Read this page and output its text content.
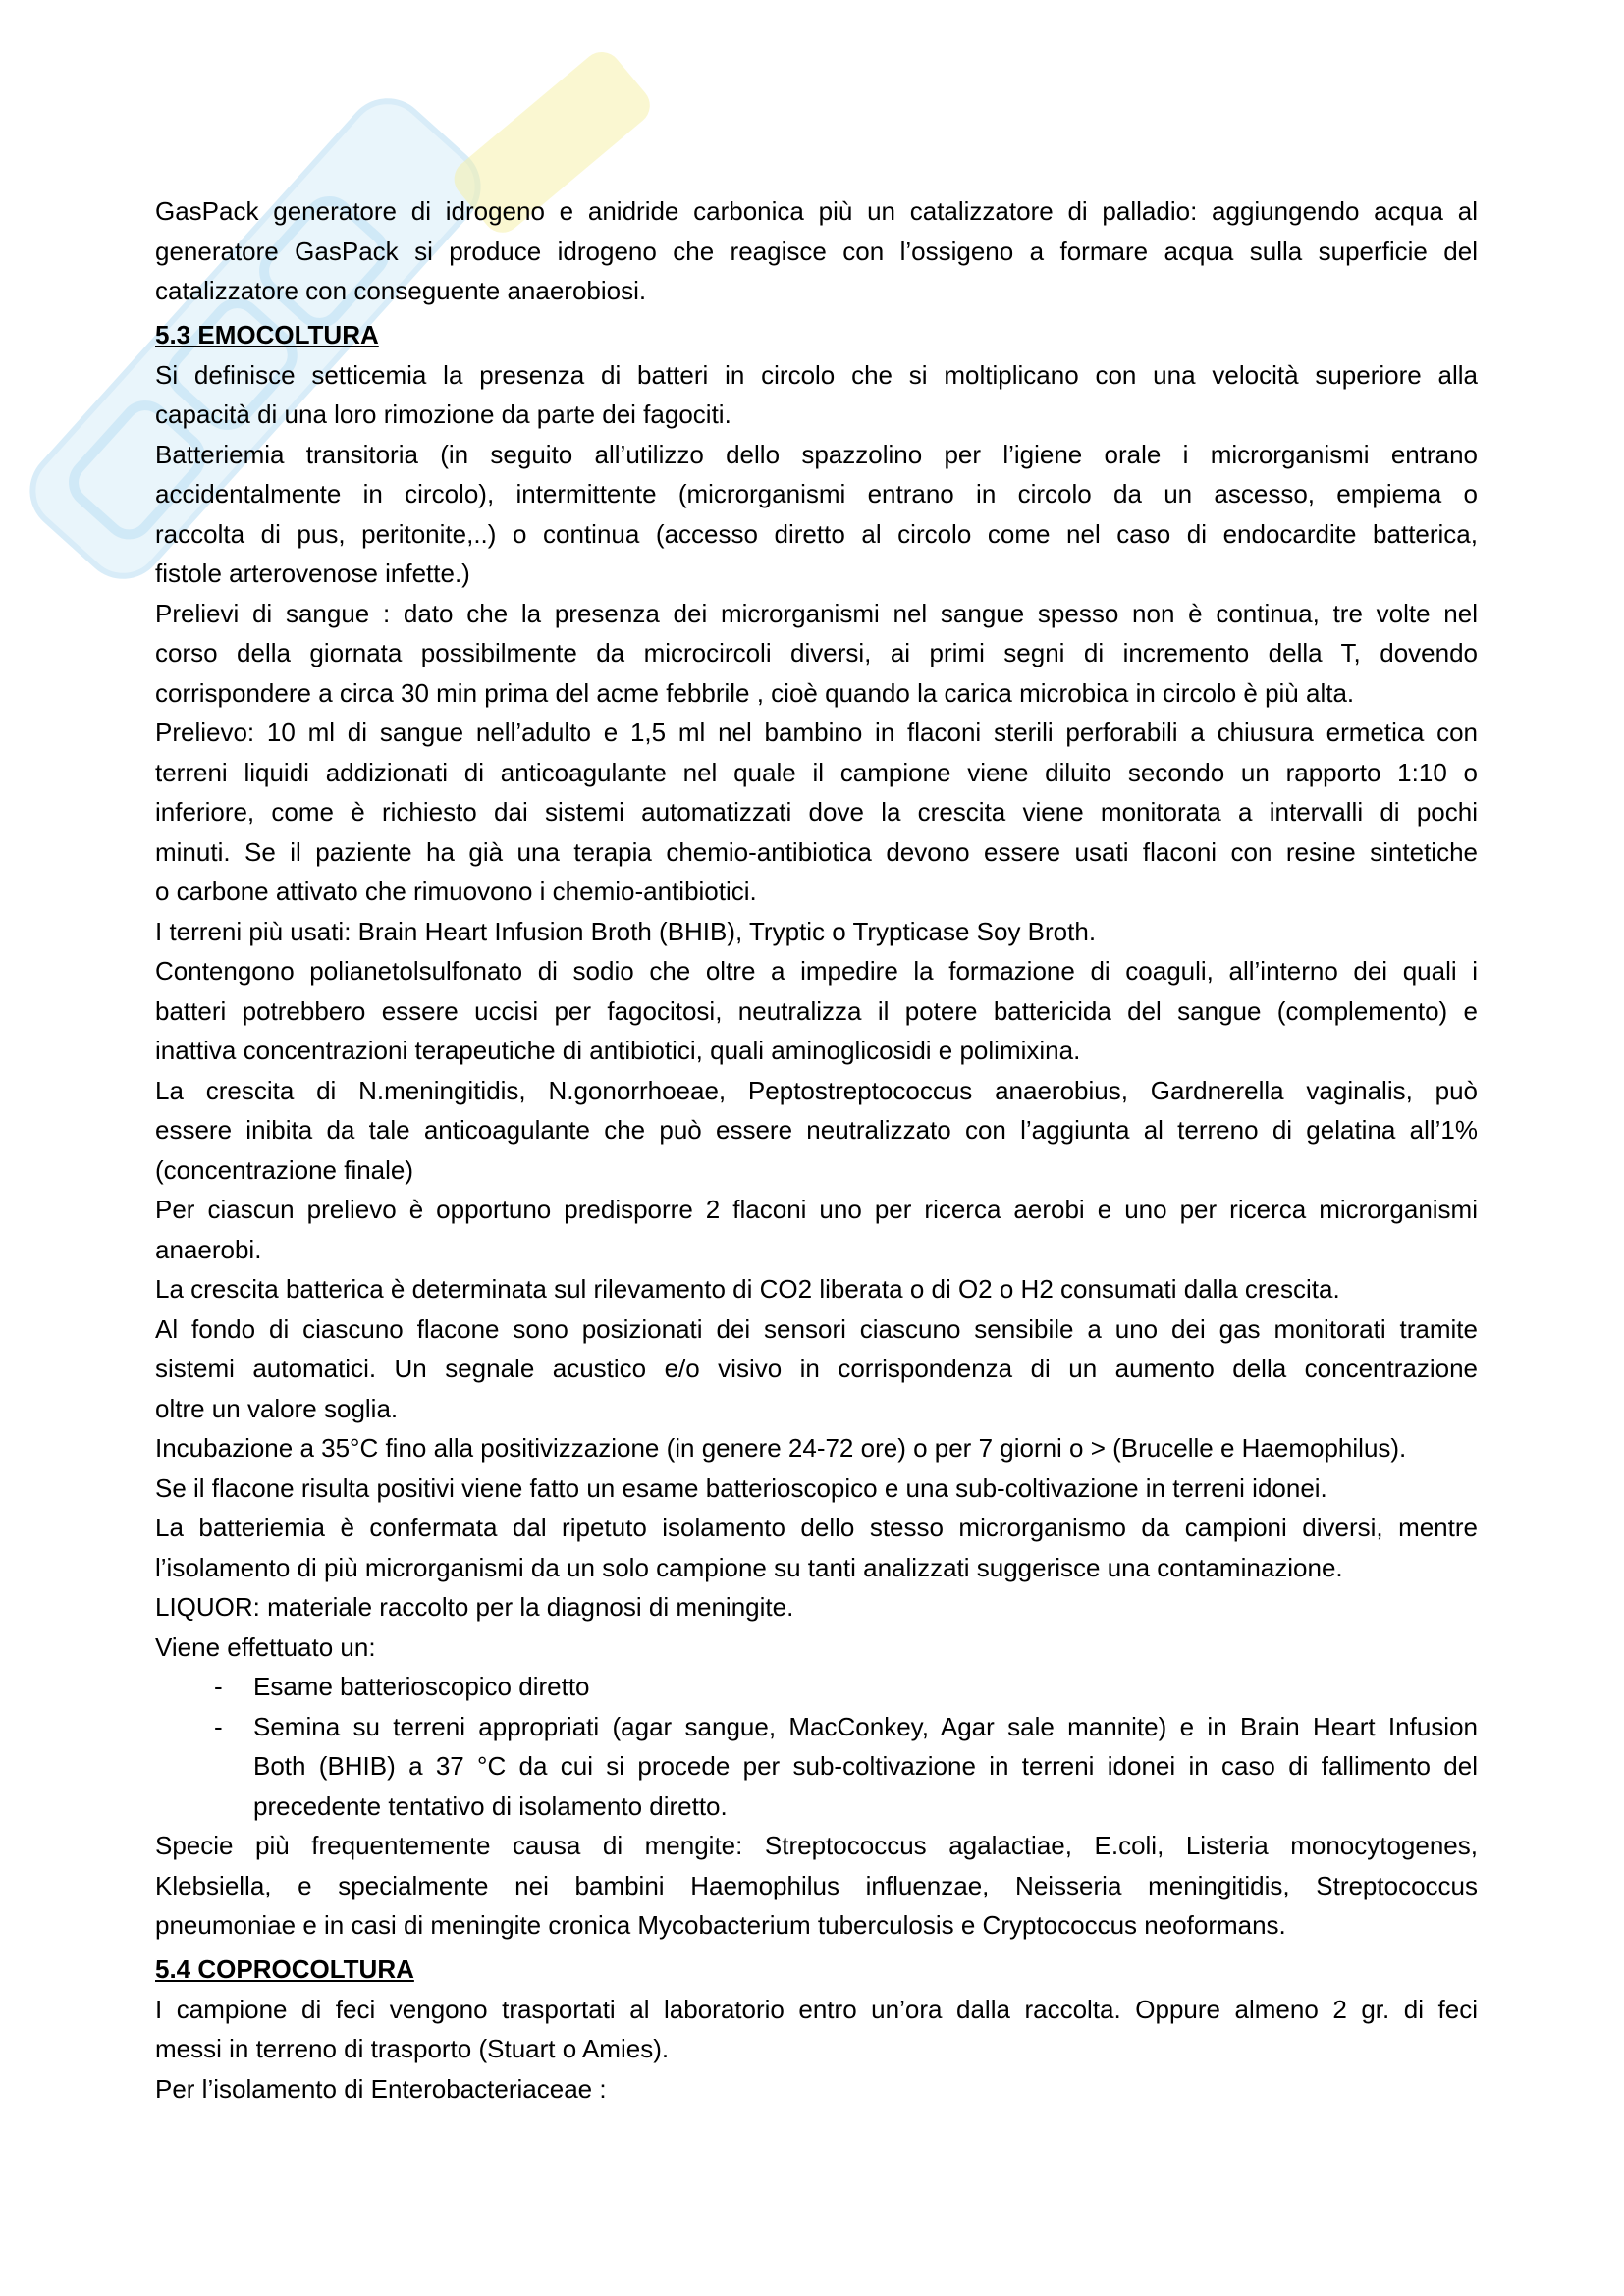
GasPack generatore di idrogeno e anidride carbonica più un catalizzatore di palladio: aggiungendo acqua al
generatore GasPack si produce idrogeno che reagisce con l’ossigeno a formare acqua sulla superficie del
catalizzatore con conseguente anaerobiosi.
5.3 EMOCOLTURA
Si definisce setticemia la presenza di batteri in circolo che si moltiplicano con una velocità superiore alla
capacità di una loro rimozione da parte dei fagociti.
Batteriemia transitoria (in seguito all’utilizzo dello spazzolino per l’igiene orale i microrganismi entrano
accidentalmente in circolo), intermittente (microrganismi entrano in circolo da un ascesso, empiema o
raccolta di pus, peritonite,..) o continua (accesso diretto al circolo come nel caso di endocardite batterica,
fistole arterovenose infette.)
Prelievi di sangue : dato che la presenza dei microrganismi nel sangue spesso non è continua, tre volte nel
corso della giornata possibilmente da microcircoli diversi, ai primi segni di incremento della T, dovendo
corrispondere a circa 30 min prima del acme febbrile , cioè quando la carica microbica in circolo è più alta.
Prelievo: 10 ml di sangue nell’adulto e 1,5 ml nel bambino in flaconi sterili perforabili a chiusura ermetica con
terreni liquidi addizionati di anticoagulante nel quale il campione viene diluito secondo un rapporto 1:10 o
inferiore, come è richiesto dai sistemi automatizzati dove la crescita viene monitorata a intervalli di pochi
minuti. Se il paziente ha già una terapia chemio-antibiotica devono essere usati flaconi con resine sintetiche
o carbone attivato che rimuovono i chemio-antibiotici.
I terreni più usati: Brain Heart Infusion Broth (BHIB), Tryptic o Trypticase Soy Broth.
Contengono polianetolsulfonato di sodio che oltre a impedire la formazione di coaguli, all’interno dei quali i
batteri potrebbero essere uccisi per fagocitosi, neutralizza il potere battericida del sangue (complemento) e
inattiva concentrazioni terapeutiche di antibiotici, quali aminoglicosidi e polimixina.
La crescita di N.meningitidis, N.gonorrhoeae, Peptostreptococcus anaerobius, Gardnerella vaginalis, può
essere inibita da tale anticoagulante che può essere neutralizzato con l’aggiunta al terreno di gelatina all’1%
(concentrazione finale)
Per ciascun prelievo è opportuno predisporre 2 flaconi uno per ricerca aerobi e uno per ricerca microrganismi
anaerobi.
La crescita batterica è determinata sul rilevamento di CO2 liberata o di O2 o H2 consumati dalla crescita.
Al fondo di ciascuno flacone sono posizionati dei sensori ciascuno sensibile a uno dei gas monitorati tramite
sistemi automatici. Un segnale acustico e/o visivo in corrispondenza di un aumento della concentrazione
oltre un valore soglia.
Incubazione a 35°C fino alla positivizzazione (in genere 24-72 ore) o per 7 giorni o > (Brucelle e Haemophilus).
Se il flacone risulta positivi viene fatto un esame batterioscopico e una sub-coltivazione in terreni idonei.
La batteriemia è confermata dal ripetuto isolamento dello stesso microrganismo da campioni diversi, mentre
l’isolamento di più microrganismi da un solo campione su tanti analizzati suggerisce una contaminazione.
LIQUOR: materiale raccolto per la diagnosi di meningite.
Viene effettuato un:
- Esame batterioscopico diretto
- Semina su terreni appropriati (agar sangue, MacConkey, Agar sale mannite) e in Brain Heart Infusion
Both (BHIB) a 37 °C da cui si procede per sub-coltivazione in terreni idonei in caso di fallimento del
precedente tentativo di isolamento diretto.
Specie più frequentemente causa di mengite: Streptococcus agalactiae, E.coli, Listeria monocytogenes,
Klebsiella, e specialmente nei bambini Haemophilus influenzae, Neisseria meningitidis, Streptococcus
pneumoniae e in casi di meningite cronica Mycobacterium tuberculosis e Cryptococcus neoformans.
5.4 COPROCOLTURA
I campione di feci vengono trasportati al laboratorio entro un’ora dalla raccolta. Oppure almeno 2 gr. di feci
messi in terreno di trasporto (Stuart o Amies).
Per l’isolamento di Enterobacteriaceae :
